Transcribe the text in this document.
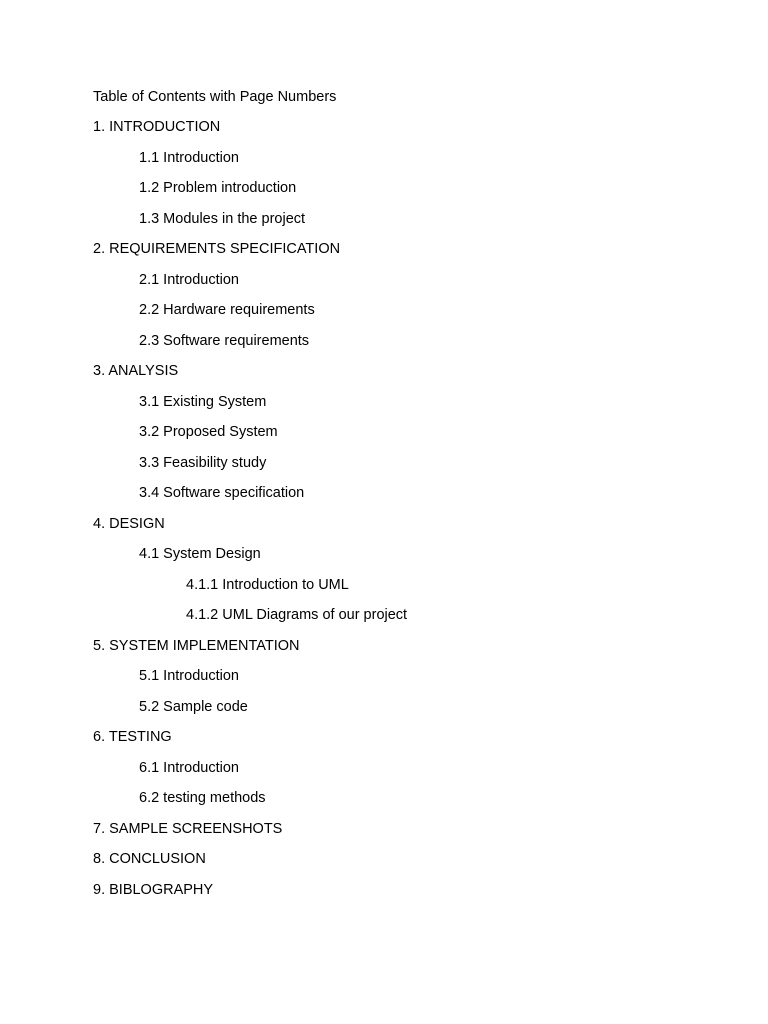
Table of Contents with Page Numbers
1. INTRODUCTION
1.1 Introduction
1.2 Problem introduction
1.3 Modules in the project
2. REQUIREMENTS SPECIFICATION
2.1 Introduction
2.2 Hardware requirements
2.3 Software requirements
3. ANALYSIS
3.1 Existing System
3.2 Proposed System
3.3 Feasibility study
3.4 Software specification
4. DESIGN
4.1 System Design
4.1.1 Introduction to UML
4.1.2 UML Diagrams of our project
5. SYSTEM IMPLEMENTATION
5.1 Introduction
5.2 Sample code
6. TESTING
6.1 Introduction
6.2 testing methods
7. SAMPLE SCREENSHOTS
8. CONCLUSION
9. BIBLOGRAPHY
